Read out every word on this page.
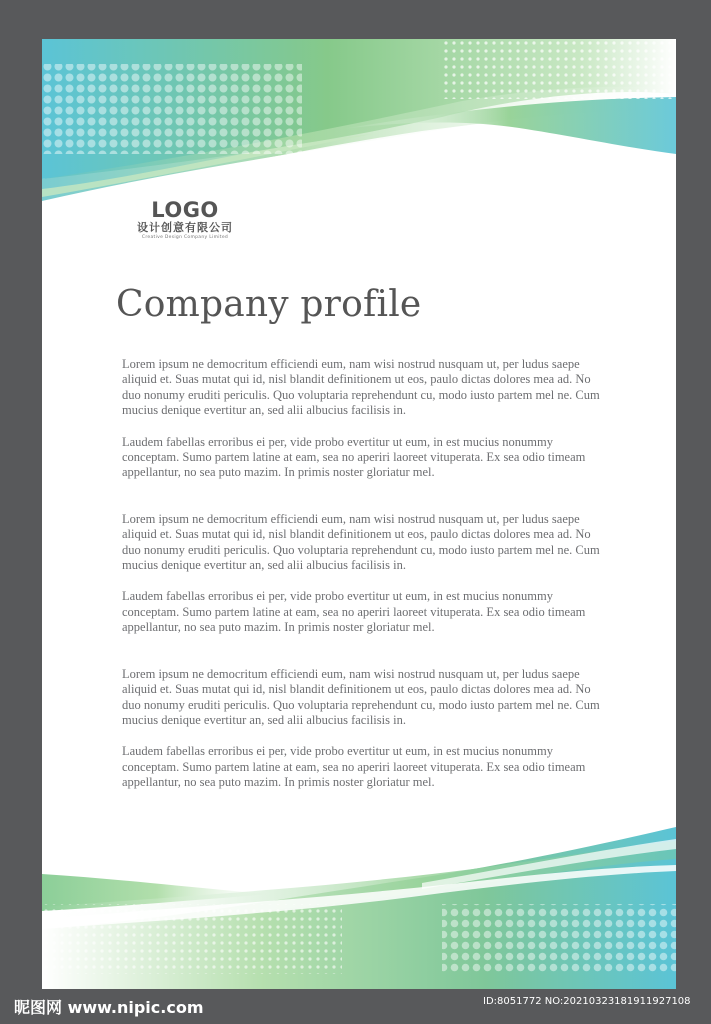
LOGO
设计创意有限公司
Creative Design Company Limited
Company profile

Lorem ipsum ne democritum efficiendi eum, nam wisi nostrud nusquam ut, per ludus saepe aliquid et. Suas mutat qui id, nisl blandit definitionem ut eos, paulo dictas dolores mea ad. No duo nonumy eruditi periculis. Quo voluptaria reprehendunt cu, modo iusto partem mel ne. Cum mucius denique evertitur an, sed alii albucius facilisis in.

Laudem fabellas erroribus ei per, vide probo evertitur ut eum, in est mucius nonummy conceptam. Sumo partem latine at eam, sea no aperiri laoreet vituperata. Ex sea odio timeam appellantur, no sea puto mazim. In primis noster gloriatur mel.

Lorem ipsum ne democritum efficiendi eum, nam wisi nostrud nusquam ut, per ludus saepe aliquid et. Suas mutat qui id, nisl blandit definitionem ut eos, paulo dictas dolores mea ad. No duo nonumy eruditi periculis. Quo voluptaria reprehendunt cu, modo iusto partem mel ne. Cum mucius denique evertitur an, sed alii albucius facilisis in.

Laudem fabellas erroribus ei per, vide probo evertitur ut eum, in est mucius nonummy conceptam. Sumo partem latine at eam, sea no aperiri laoreet vituperata. Ex sea odio timeam appellantur, no sea puto mazim. In primis noster gloriatur mel.

Lorem ipsum ne democritum efficiendi eum, nam wisi nostrud nusquam ut, per ludus saepe aliquid et. Suas mutat qui id, nisl blandit definitionem ut eos, paulo dictas dolores mea ad. No duo nonumy eruditi periculis. Quo voluptaria reprehendunt cu, modo iusto partem mel ne. Cum mucius denique evertitur an, sed alii albucius facilisis in.

Laudem fabellas erroribus ei per, vide probo evertitur ut eum, in est mucius nonummy conceptam. Sumo partem latine at eam, sea no aperiri laoreet vituperata. Ex sea odio timeam appellantur, no sea puto mazim. In primis noster gloriatur mel.

昵图网 www.nipic.com	ID:8051772 NO:20210323181911927108
